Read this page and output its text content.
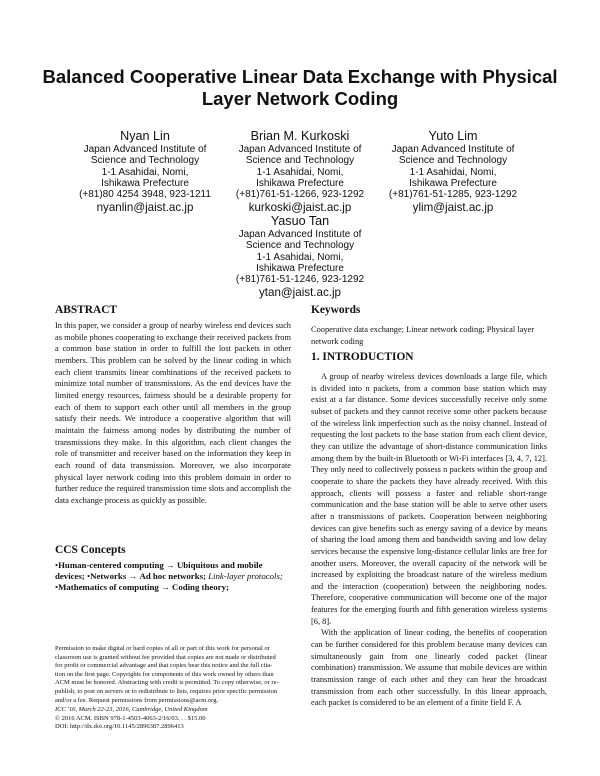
Balanced Cooperative Linear Data Exchange with Physical
Layer Network Coding
Nyan Lin
Japan Advanced Institute of
Science and Technology
1-1 Asahidai, Nomi,
Ishikawa Prefecture
(+81)80 4254 3948, 923-1211
nyanlin@jaist.ac.jp
Brian M. Kurkoski
Japan Advanced Institute of
Science and Technology
1-1 Asahidai, Nomi,
Ishikawa Prefecture
(+81)761-51-1266, 923-1292
kurkoski@jaist.ac.jp
Yuto Lim
Japan Advanced Institute of
Science and Technology
1-1 Asahidai, Nomi,
Ishikawa Prefecture
(+81)761-51-1285, 923-1292
ylim@jaist.ac.jp
Yasuo Tan
Japan Advanced Institute of
Science and Technology
1-1 Asahidai, Nomi,
Ishikawa Prefecture
(+81)761-51-1246, 923-1292
ytan@jaist.ac.jp
ABSTRACT

In this paper, we consider a group of nearby wireless end devices such as mobile phones cooperating to exchange their received packets from a common base station in order to fulfill the lost packets in other members. This problem can be solved by the linear coding in which each client transmits linear combinations of the received packets to minimize total number of transmissions. As the end devices have the limited energy resources, fairness should be a desirable property for each of them to support each other until all members in the group satisfy their needs. We introduce a cooperative algorithm that will maintain the fairness among nodes by distributing the number of transmissions they make. In this algorithm, each client changes the role of transmitter and receiver based on the information they keep in each round of data transmission. Moreover, we also incorporate physical layer network coding into this problem domain in order to further reduce the required transmission time slots and accomplish the data exchange process as quickly as possible.

CCS Concepts

•Human-centered computing → Ubiquitous and mobile devices; •Networks → Ad hoc networks; Link-layer protocols; •Mathematics of computing → Coding theory;

Permission to make digital or hard copies of all or part of this work for personal or
classroom use is granted without fee provided that copies are not made or distributed
for profit or commercial advantage and that copies bear this notice and the full cita-
tion on the first page. Copyrights for components of this work owned by others than
ACM must be honored. Abstracting with credit is permitted. To copy otherwise, or re-
publish, to post on servers or to redistribute to lists, requires prior specific permission
and/or a fee. Request permissions from permissions@acm.org.

ICC '16, March 22-23, 2016, Cambridge, United Kingdom
© 2016 ACM. ISBN 978-1-4503-4063-2/16/03. . . $15.00
DOI: http://dx.doi.org/10.1145/2896387.2896413

Keywords

Cooperative data exchange; Linear network coding; Physical layer network coding

1. INTRODUCTION

A group of nearby wireless devices downloads a large file, which is divided into n packets, from a common base station which may exist at a far distance. Some devices successfully receive only some subset of packets and they cannot receive some other packets because of the wireless link imperfection such as the noisy channel. Instead of requesting the lost packets to the base station from each client device, they can utilize the advantage of short-distance communication links among them by the built-in Bluetooth or Wi-Fi interfaces [3, 4, 7, 12]. They only need to collectively possess n packets within the group and cooperate to share the packets they have already received. With this approach, clients will possess a faster and reliable short-range communication and the base station will be able to serve other users after n transmissions of packets. Cooperation between neighboring devices can give benefits such as energy saving of a device by means of sharing the load among them and bandwidth saving and low delay services because the expensive long-distance cellular links are free for another users. Moreover, the overall capacity of the network will be increased by exploiting the broadcast nature of the wireless medium and the interaction (cooperation) between the neighboring nodes. Therefore, cooperative communication will become one of the major features for the emerging fourth and fifth generation wireless systems [6, 8].

With the application of linear coding, the benefits of cooperation can be further considered for this problem because many devices can simultaneously gain from one linearly coded packet (linear combination) transmission. We assume that mobile devices are within transmission range of each other and they can hear the broadcast transmission from each other successfully. In this linear approach, each packet is considered to be an element of a finite field F. A
